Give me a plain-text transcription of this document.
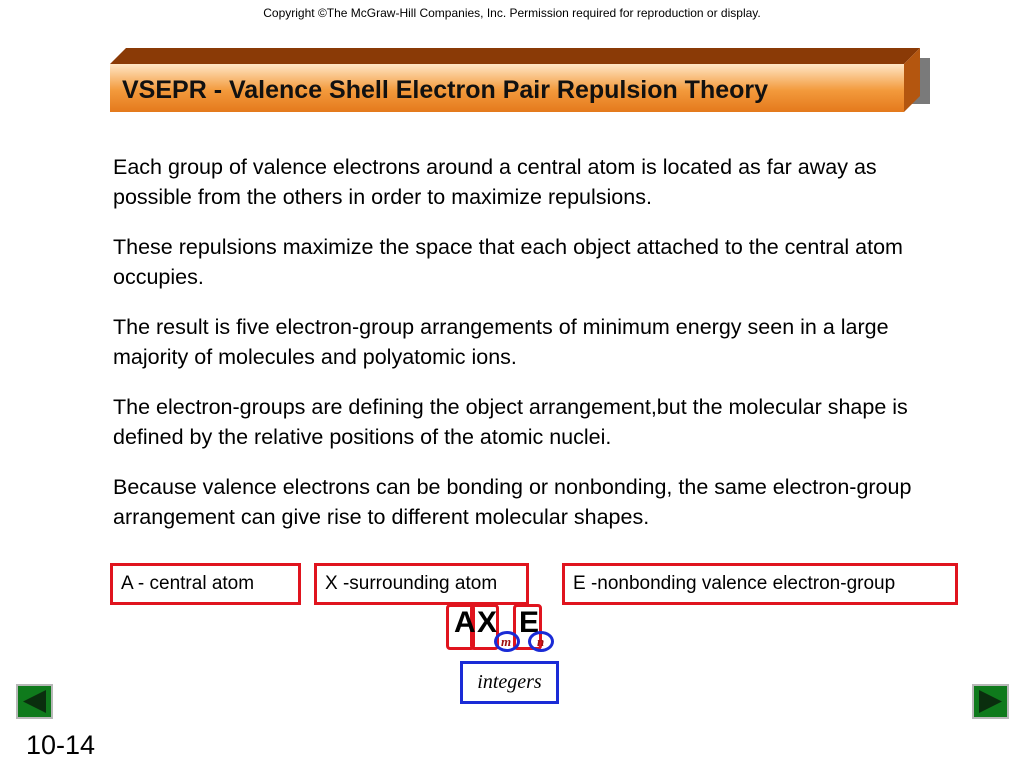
Copyright ©The McGraw-Hill Companies, Inc. Permission required for reproduction or display.
VSEPR - Valence Shell Electron Pair Repulsion Theory

Each group of valence electrons around a central atom is located as far away as possible from the others in order to maximize repulsions.

These repulsions maximize the space that each object attached to the central atom occupies.

The result is five electron-group arrangements of minimum energy seen in a large majority of molecules and polyatomic ions.

The electron-groups are defining the object arrangement,but the molecular shape is defined by the relative positions of the atomic nuclei.

Because valence electrons can be bonding or nonbonding, the same electron-group arrangement can give rise to different molecular shapes.

A - central atom	X -surrounding atom	E -nonbonding valence electron-group
A X E
m n
integers
10-14
